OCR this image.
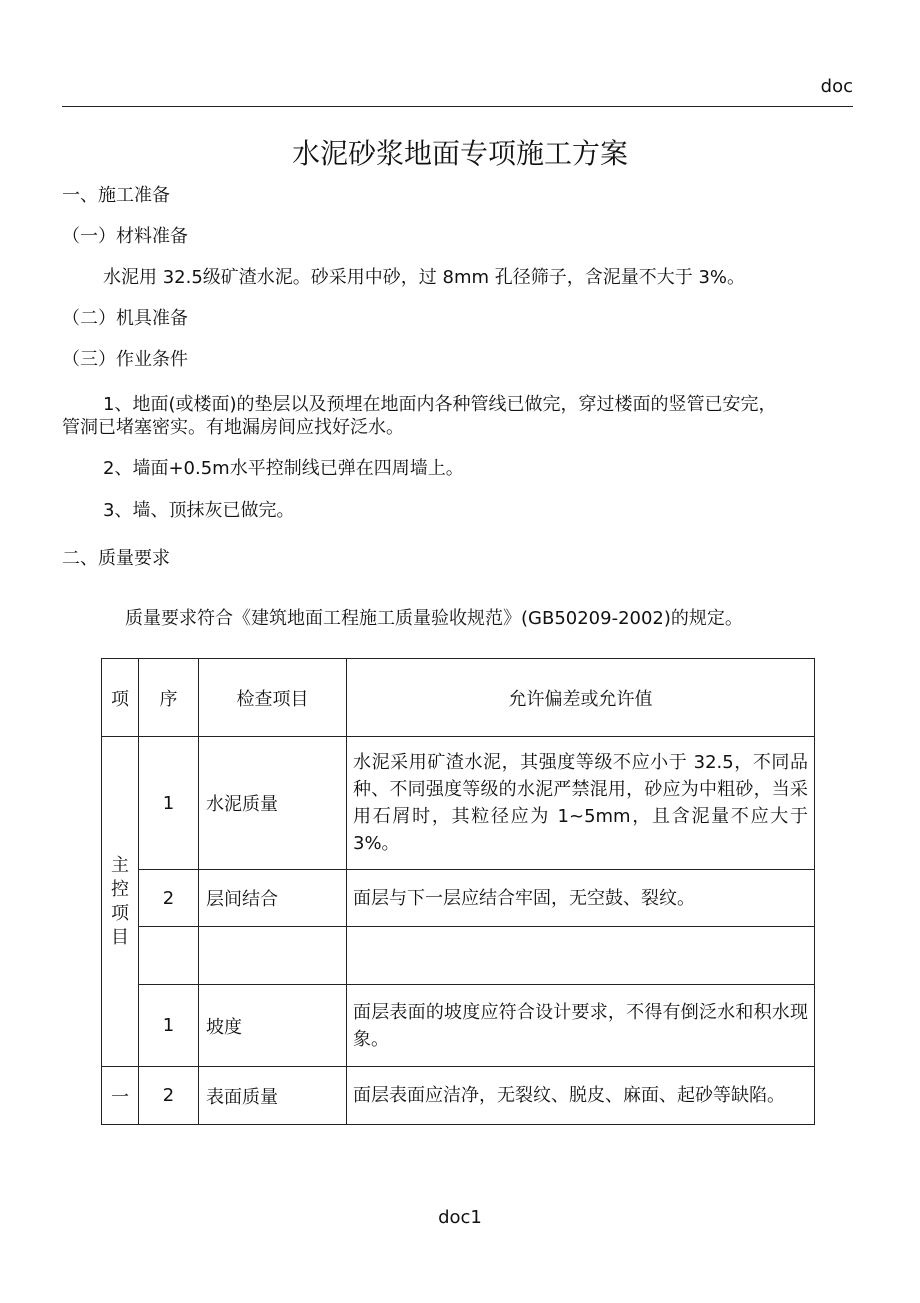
doc
水泥砂浆地面专项施工方案
一、施工准备
（一）材料准备
水泥用 32.5级矿渣水泥。砂采用中砂，过 8mm 孔径筛子，含泥量不大于 3%。
（二）机具准备
（三）作业条件
1、地面(或楼面)的垫层以及预埋在地面内各种管线已做完，穿过楼面的竖管已安完，
管洞已堵塞密实。有地漏房间应找好泛水。
2、墙面+0.5m水平控制线已弹在四周墙上。
3、墙、顶抹灰已做完。
二、质量要求
质量要求符合《建筑地面工程施工质量验收规范》(GB50209-2002)的规定。
项	序	检查项目	允许偏差或允许值

主控项目	1	水泥质量	水泥采用矿渣水泥，其强度等级不应小于 32.5，不同品种、不同强度等级的水泥严禁混用，砂应为中粗砂，当采用石屑时，其粒径应为 1~5mm，且含泥量不应大于 3%。
	2	层间结合	面层与下一层应结合牢固，无空鼓、裂纹。

	1	坡度	面层表面的坡度应符合设计要求，不得有倒泛水和积水现象。
一	2	表面质量	面层表面应洁净，无裂纹、脱皮、麻面、起砂等缺陷。
doc1
